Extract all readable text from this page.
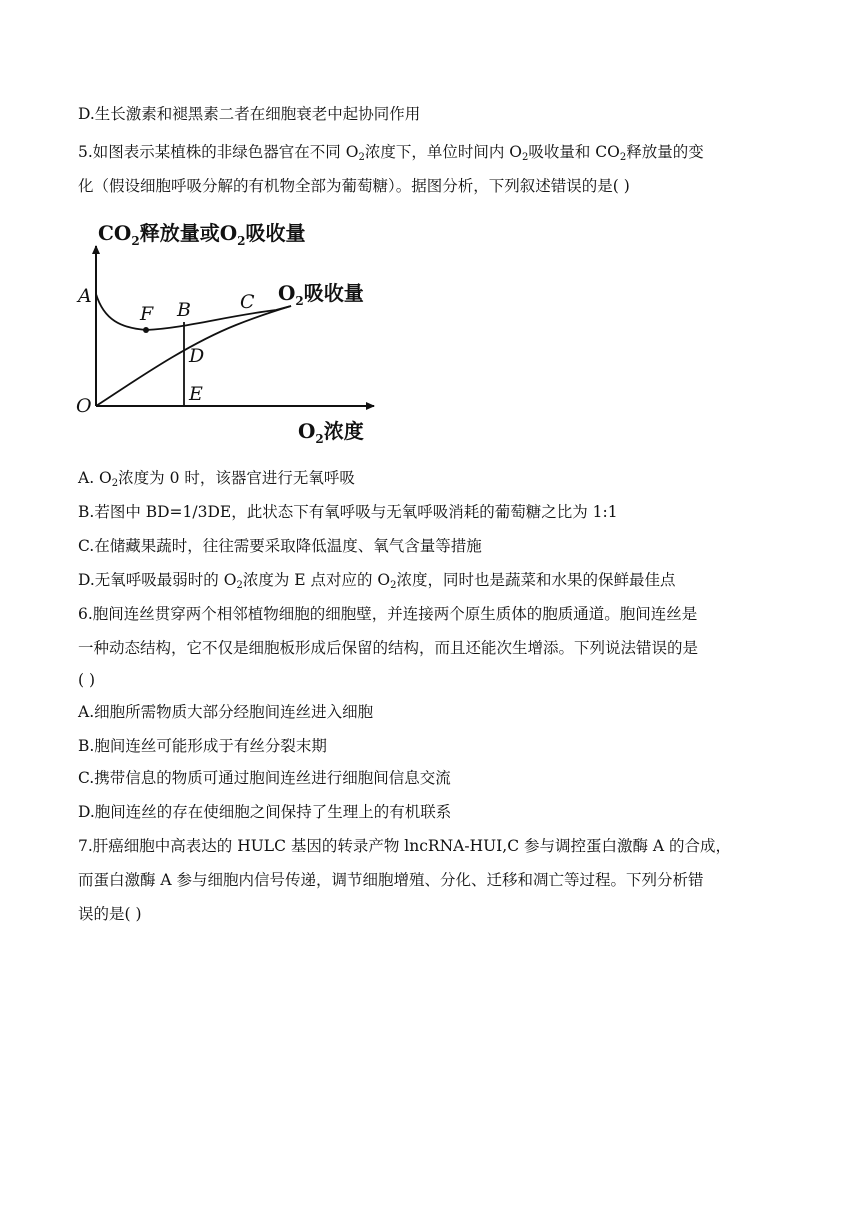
D.生长激素和褪黑素二者在细胞衰老中起协同作用
5.如图表示某植株的非绿色器官在不同 $O_2$浓度下，单位时间内 $O_2$吸收量和 $CO_2$释放量的变
化（假设细胞呼吸分解的有机物全部为葡萄糖）。据图分析，下列叙述错误的是( )
$CO_2$释放量或$O_2$吸收量
$O_2$吸收量
$O_2$浓度
A
F B	C
D
E
O
A. $O_2$浓度为 0 时，该器官进行无氧呼吸
B.若图中 BD=1/3DE，此状态下有氧呼吸与无氧呼吸消耗的葡萄糖之比为 1:1
C.在储藏果蔬时，往往需要采取降低温度、氧气含量等措施
D.无氧呼吸最弱时的 $O_2$浓度为 E 点对应的 $O_2$浓度，同时也是蔬菜和水果的保鲜最佳点
6.胞间连丝贯穿两个相邻植物细胞的细胞壁，并连接两个原生质体的胞质通道。胞间连丝是
一种动态结构，它不仅是细胞板形成后保留的结构，而且还能次生增添。下列说法错误的是
( )
A.细胞所需物质大部分经胞间连丝进入细胞
B.胞间连丝可能形成于有丝分裂末期
C.携带信息的物质可通过胞间连丝进行细胞间信息交流
D.胞间连丝的存在使细胞之间保持了生理上的有机联系
7.肝癌细胞中高表达的 HULC 基因的转录产物 lncRNA-HUI,C 参与调控蛋白激酶 A 的合成，
而蛋白激酶 A 参与细胞内信号传递，调节细胞增殖、分化、迁移和凋亡等过程。下列分析错
误的是( )
